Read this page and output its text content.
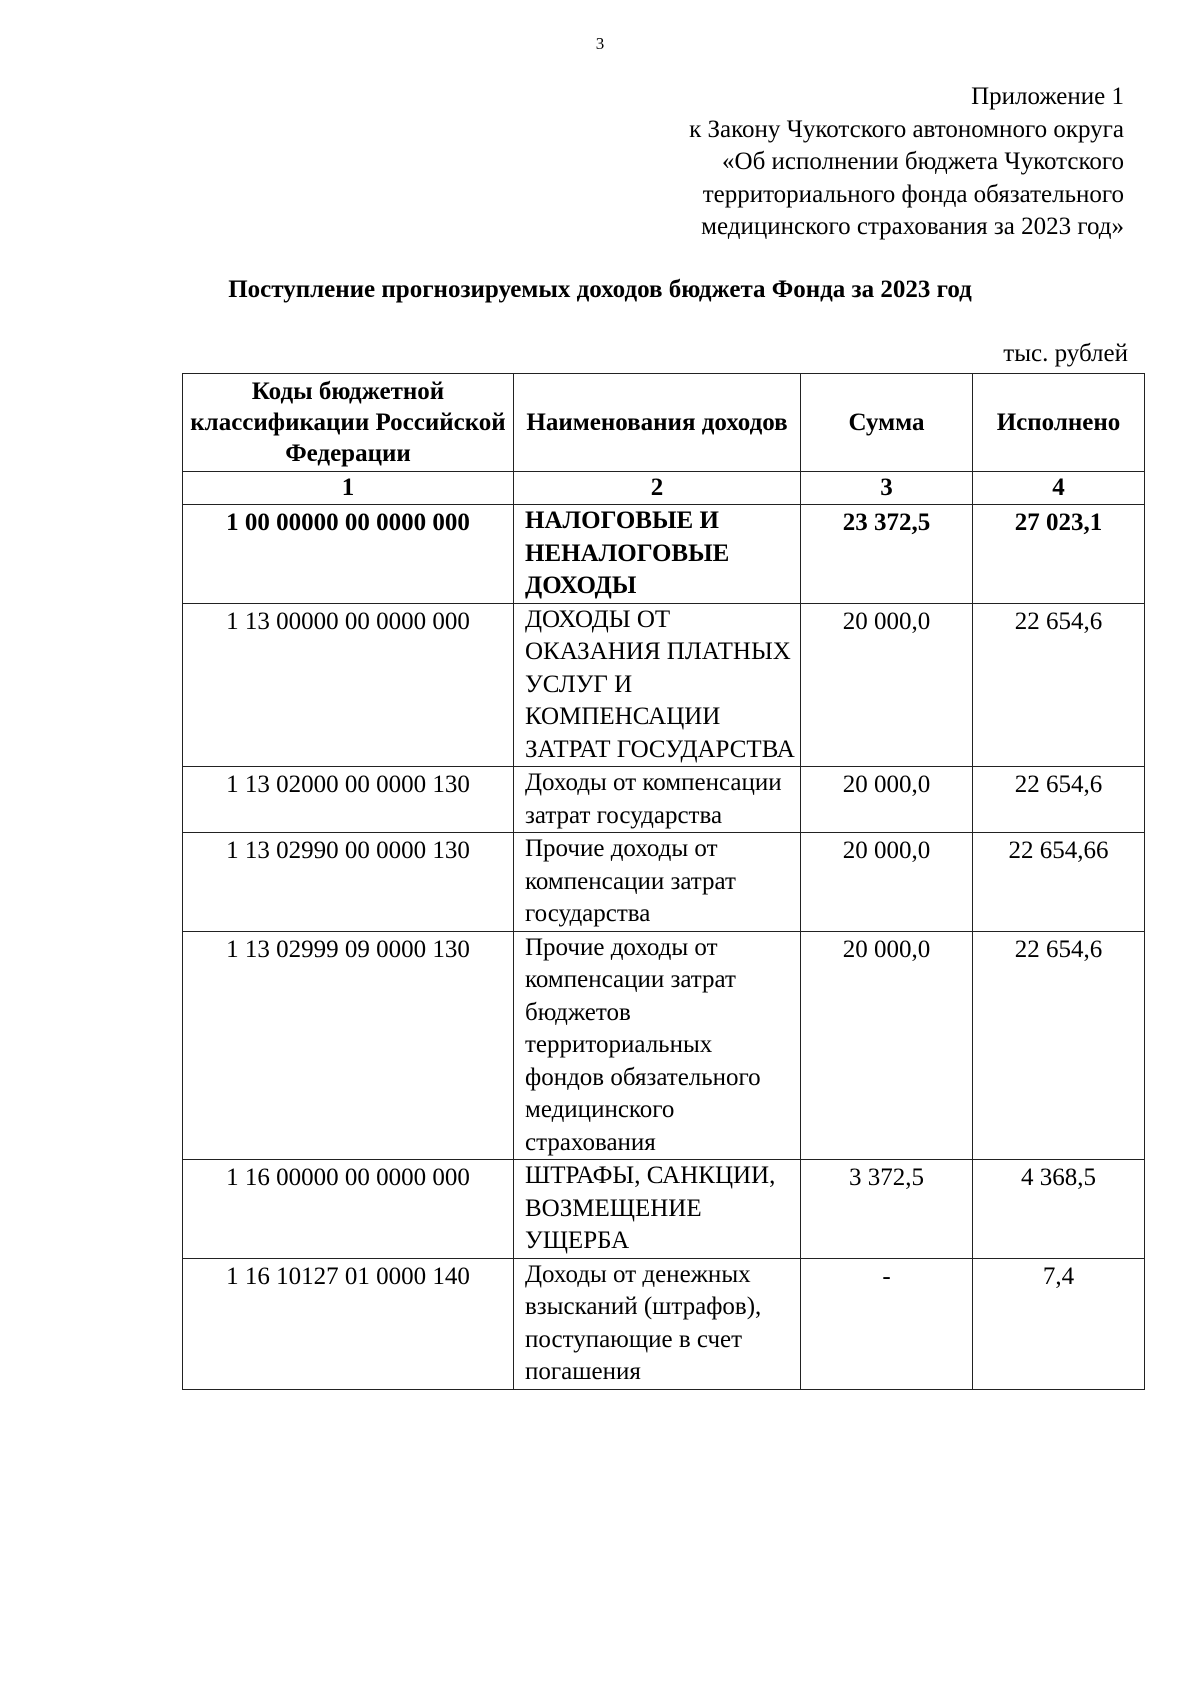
3
Приложение 1
к Закону Чукотского автономного округа
«Об исполнении бюджета Чукотского
территориального фонда обязательного
медицинского страхования за 2023 год»
Поступление прогнозируемых доходов бюджета Фонда за 2023 год
тыс. рублей
Коды бюджетной классификации Российской Федерации	Наименования доходов	Сумма	Исполнено
1	2	3	4
1 00 00000 00 0000 000	НАЛОГОВЫЕ И НЕНАЛОГОВЫЕ ДОХОДЫ	23 372,5	27 023,1
1 13 00000 00 0000 000	ДОХОДЫ ОТ ОКАЗАНИЯ ПЛАТНЫХ УСЛУГ И КОМПЕНСАЦИИ ЗАТРАТ ГОСУДАРСТВА	20 000,0	22 654,6
1 13 02000 00 0000 130	Доходы от компенсации затрат государства	20 000,0	22 654,6
1 13 02990 00 0000 130	Прочие доходы от компенсации затрат государства	20 000,0	22 654,66
1 13 02999 09 0000 130	Прочие доходы от компенсации затрат бюджетов территориальных фондов обязательного медицинского страхования	20 000,0	22 654,6
1 16 00000 00 0000 000	ШТРАФЫ, САНКЦИИ, ВОЗМЕЩЕНИЕ УЩЕРБА	3 372,5	4 368,5
1 16 10127 01 0000 140	Доходы от денежных взысканий (штрафов), поступающие в счет погашения	-	7,4
